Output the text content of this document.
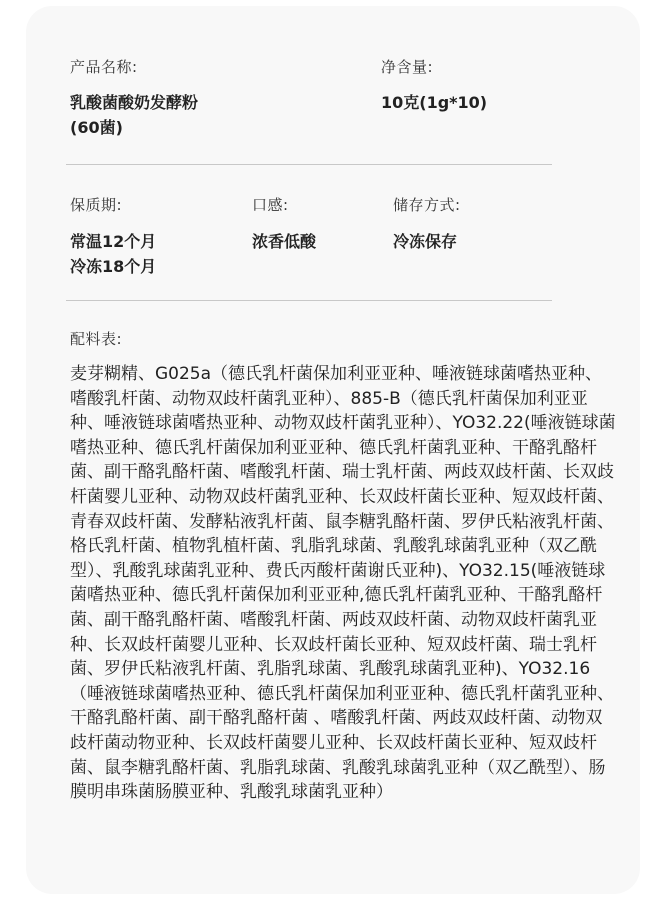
产品名称:
乳酸菌酸奶发酵粉
(60菌)
净含量:
10克(1g*10)
保质期:
常温12个月
冷冻18个月
口感:
浓香低酸
储存方式:
冷冻保存
配料表:
麦芽糊精、G025a（德氏乳杆菌保加利亚亚种、唾液链球菌嗜热亚种、嗜酸乳杆菌、动物双歧杆菌乳亚种）、885-B（德氏乳杆菌保加利亚亚种、唾液链球菌嗜热亚种、动物双歧杆菌乳亚种）、YO32.22(唾液链球菌嗜热亚种、德氏乳杆菌保加利亚亚种、德氏乳杆菌乳亚种、干酪乳酪杆菌、副干酪乳酪杆菌、嗜酸乳杆菌、瑞士乳杆菌、两歧双歧杆菌、长双歧杆菌婴儿亚种、动物双歧杆菌乳亚种、长双歧杆菌长亚种、短双歧杆菌、青春双歧杆菌、发酵粘液乳杆菌、鼠李糖乳酪杆菌、罗伊氏粘液乳杆菌、格氏乳杆菌、植物乳植杆菌、乳脂乳球菌、乳酸乳球菌乳亚种（双乙酰型）、乳酸乳球菌乳亚种、费氏丙酸杆菌谢氏亚种)、YO32.15(唾液链球菌嗜热亚种、德氏乳杆菌保加利亚亚种,德氏乳杆菌乳亚种、干酪乳酪杆菌、副干酪乳酪杆菌、嗜酸乳杆菌、两歧双歧杆菌、动物双歧杆菌乳亚种、长双歧杆菌婴儿亚种、长双歧杆菌长亚种、短双歧杆菌、瑞士乳杆菌、罗伊氏粘液乳杆菌、乳脂乳球菌、乳酸乳球菌乳亚种)、YO32.16（唾液链球菌嗜热亚种、德氏乳杆菌保加利亚亚种、德氏乳杆菌乳亚种、干酪乳酪杆菌、副干酪乳酪杆菌 、嗜酸乳杆菌、两歧双歧杆菌、动物双歧杆菌动物亚种、长双歧杆菌婴儿亚种、长双歧杆菌长亚种、短双歧杆菌、鼠李糖乳酪杆菌、乳脂乳球菌、乳酸乳球菌乳亚种（双乙酰型）、肠膜明串珠菌肠膜亚种、乳酸乳球菌乳亚种）
